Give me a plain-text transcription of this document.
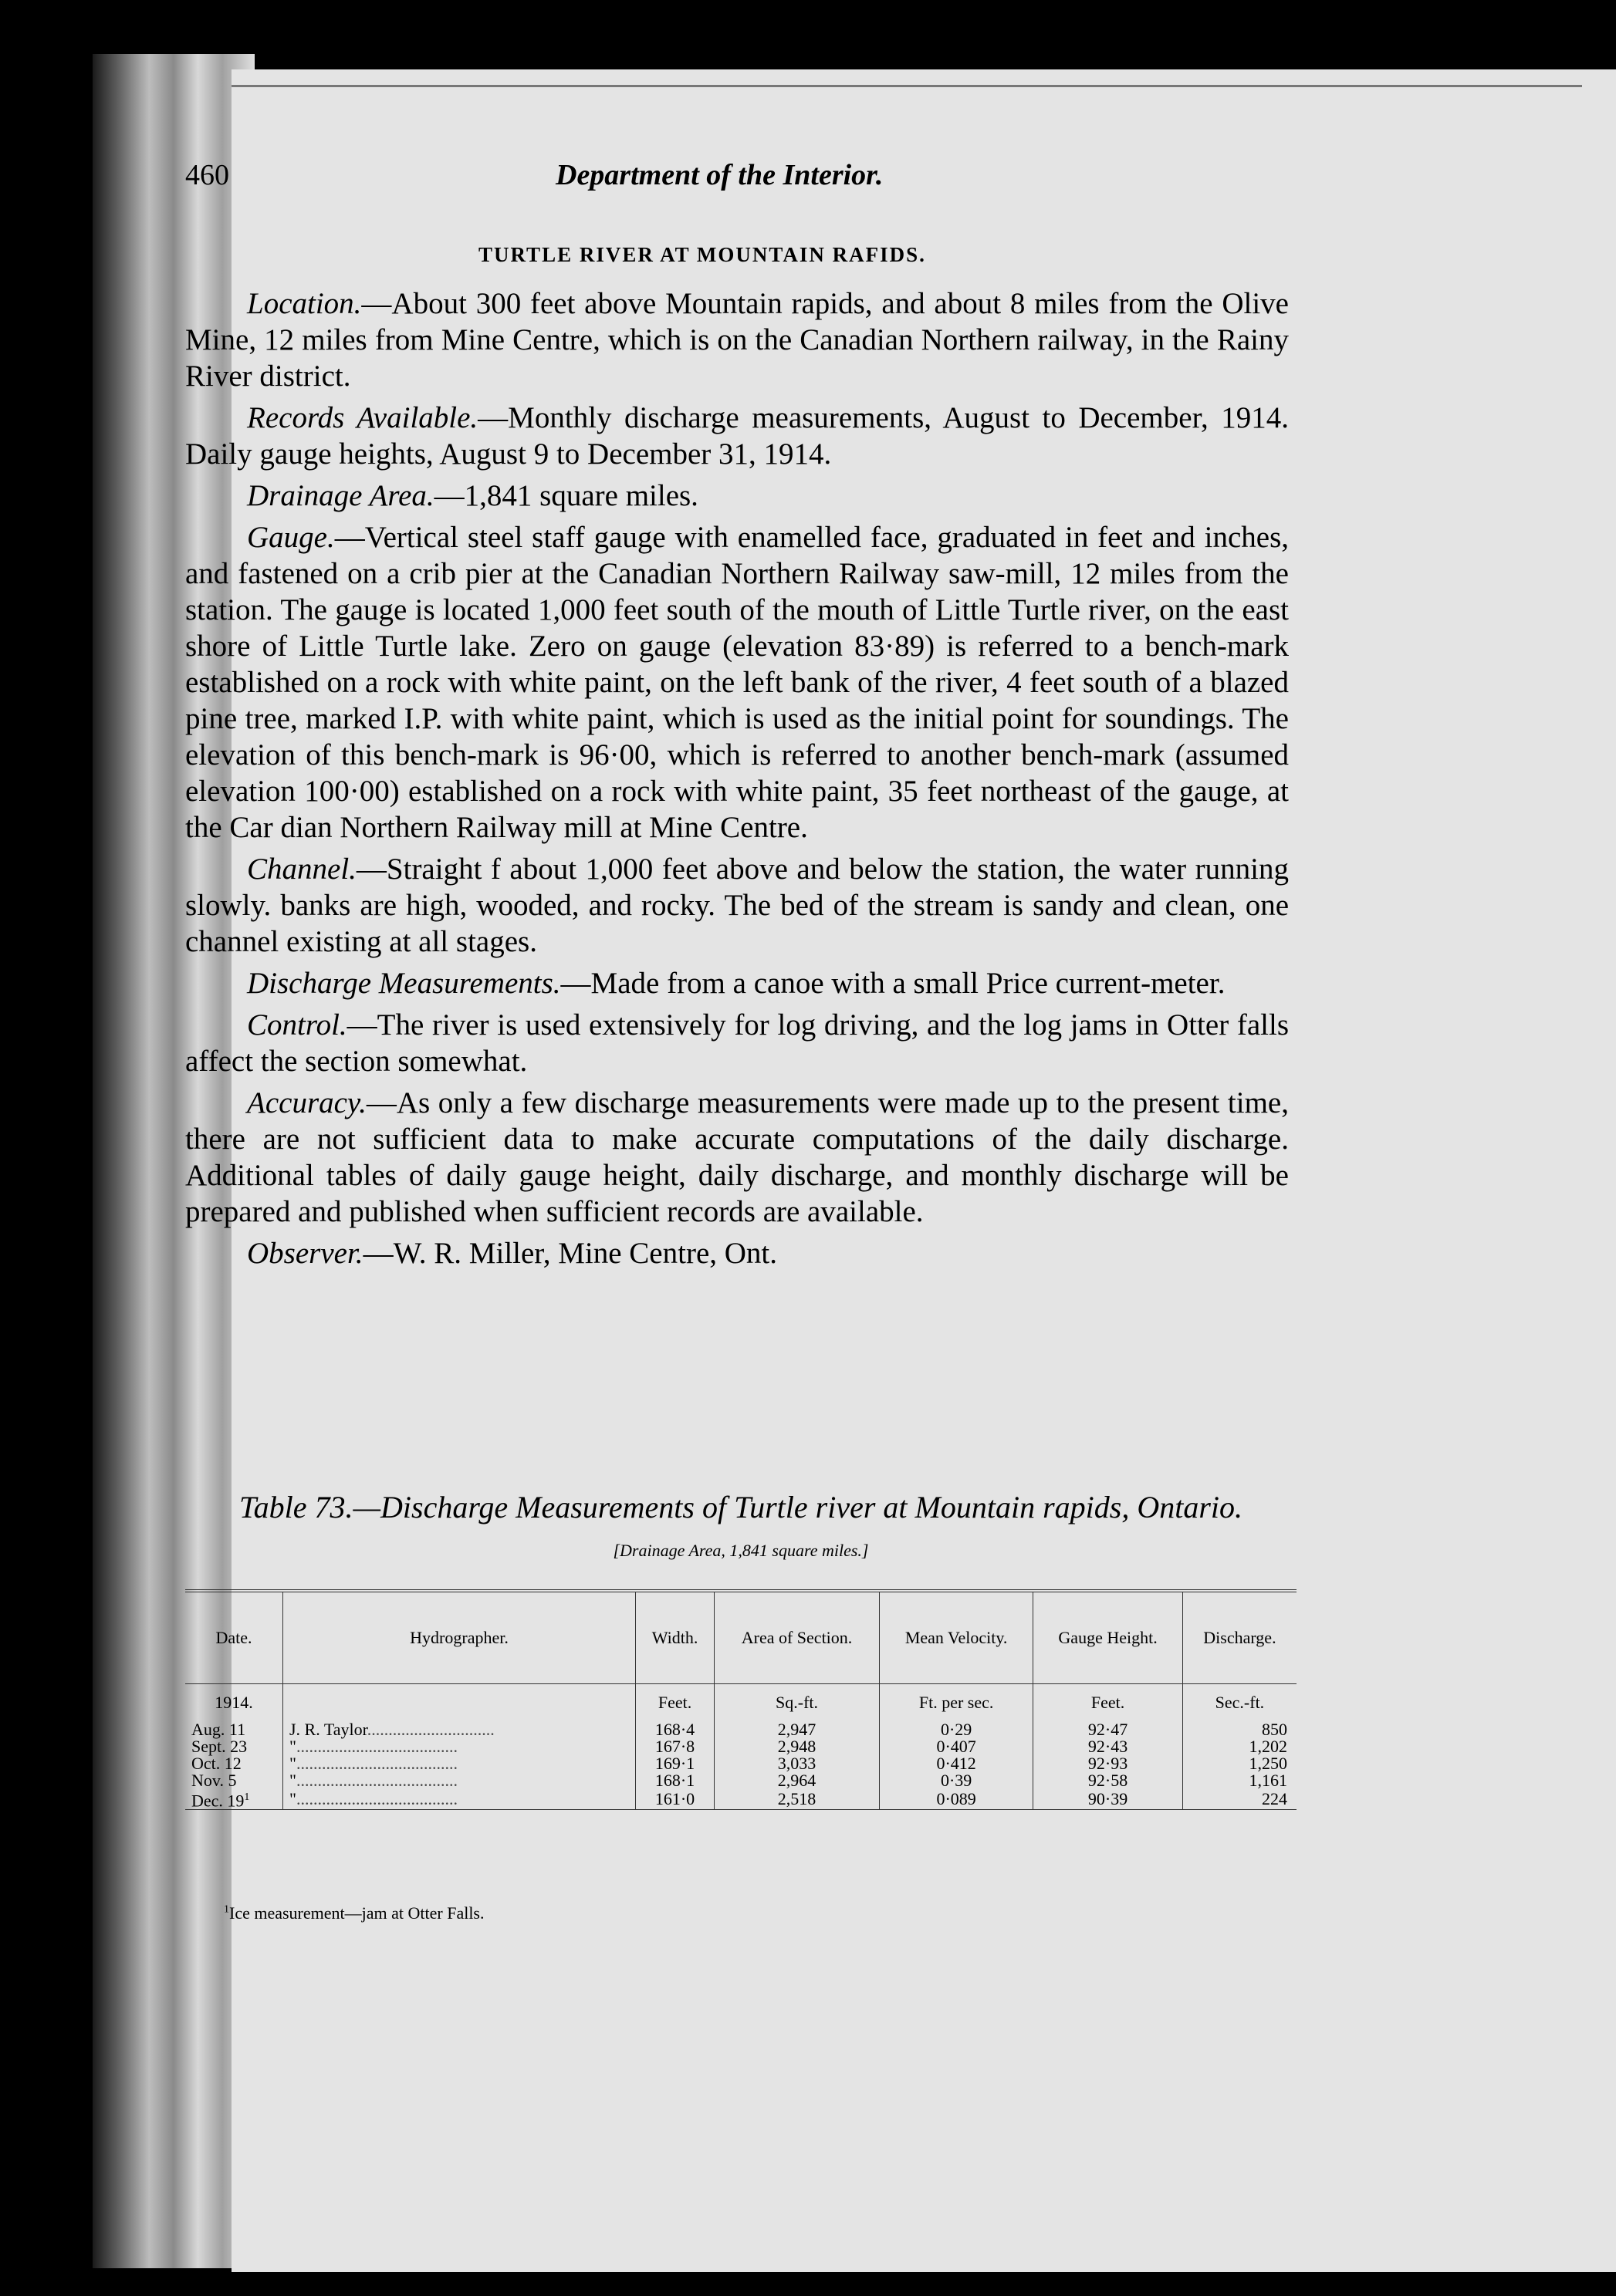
460	Department of the Interior.
TURTLE RIVER AT MOUNTAIN RAFIDS.

Location.—About 300 feet above Mountain rapids, and about 8 miles from the Olive Mine, 12 miles from Mine Centre, which is on the Canadian Northern railway, in the Rainy River district.

Records Available.—Monthly discharge measurements, August to December, 1914. Daily gauge heights, August 9 to December 31, 1914.

Drainage Area.—1,841 square miles.

Gauge.—Vertical steel staff gauge with enamelled face, graduated in feet and inches, and fastened on a crib pier at the Canadian Northern Railway saw-mill, 12 miles from the station. The gauge is located 1,000 feet south of the mouth of Little Turtle river, on the east shore of Little Turtle lake. Zero on gauge (elevation 83·89) is referred to a bench-mark established on a rock with white paint, on the left bank of the river, 4 feet south of a blazed pine tree, marked I.P. with white paint, which is used as the initial point for soundings. The elevation of this bench-mark is 96·00, which is referred to another bench-mark (assumed elevation 100·00) established on a rock with white paint, 35 feet northeast of the gauge, at the Car dian Northern Railway mill at Mine Centre.

Channel.—Straight f about 1,000 feet above and below the station, the water running slowly. banks are high, wooded, and rocky. The bed of the stream is sandy and clean, one channel existing at all stages.

Discharge Measurements.—Made from a canoe with a small Price current-meter.

Control.—The river is used extensively for log driving, and the log jams in Otter falls affect the section somewhat.

Accuracy.—As only a few discharge measurements were made up to the present time, there are not sufficient data to make accurate computations of the daily discharge. Additional tables of daily gauge height, daily discharge, and monthly discharge will be prepared and published when sufficient records are available.

Observer.—W. R. Miller, Mine Centre, Ont.

Table 73.—Discharge Measurements of Turtle river at Mountain rapids, Ontario.
[Drainage Area, 1,841 square miles.]
Date.	Hydrographer.	Width.	Area of Section.	Mean Velocity.	Gauge Height.	Discharge.
1914.		Feet.	Sq.-ft.	Ft. per sec.	Feet.	Sec.-ft.
Aug. 11	J. R. Taylor..............................	168·4	2,947	0·29	92·47	850
Sept. 23	"......................................	167·8	2,948	0·407	92·43	1,202
Oct. 12	"......................................	169·1	3,033	0·412	92·93	1,250
Nov. 5	"......................................	168·1	2,964	0·39	92·58	1,161
Dec. $19^1$	"......................................	161·0	2,518	0·089	90·39	224
$^1$Ice measurement—jam at Otter Falls.
